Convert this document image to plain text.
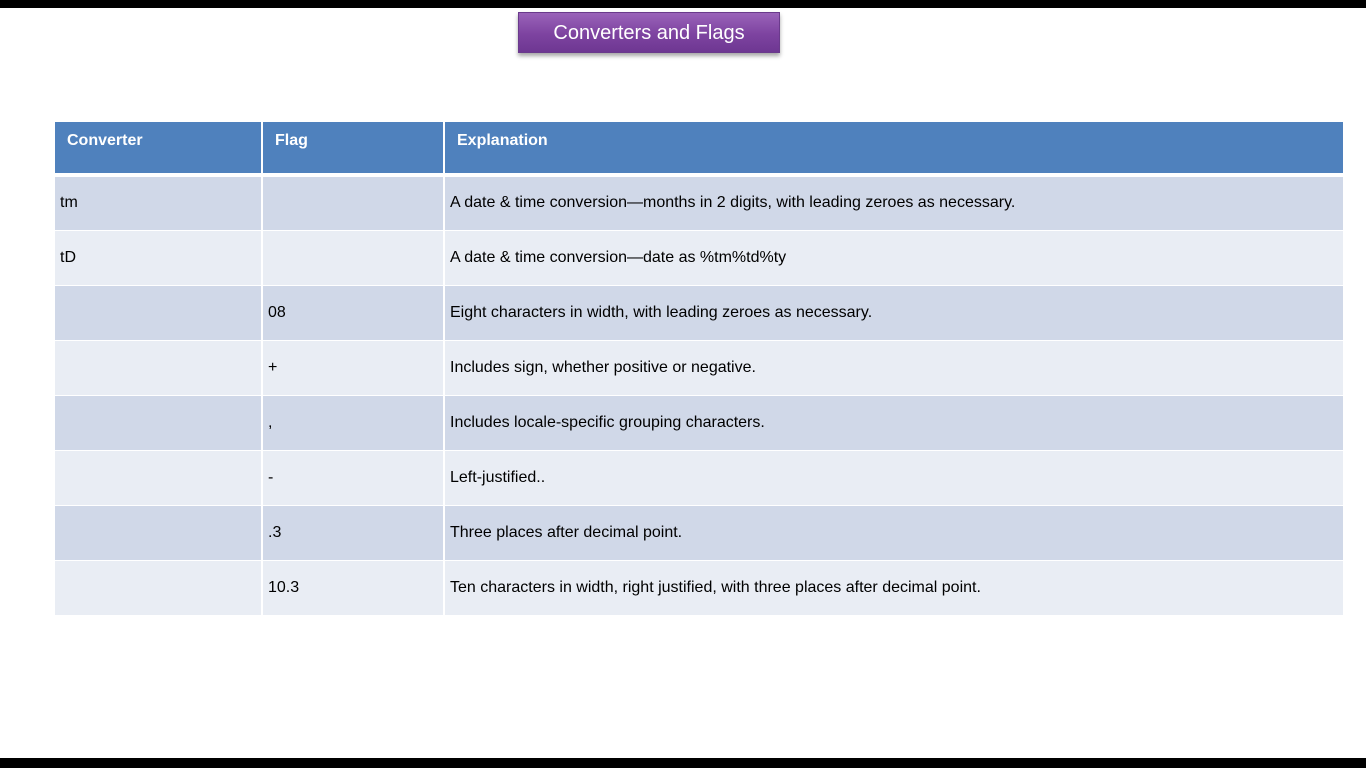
Converters and Flags
Converter	Flag	Explanation
tm		A date & time conversion—months in 2 digits, with leading zeroes as necessary.
tD		A date & time conversion—date as %tm%td%ty
	08	Eight characters in width, with leading zeroes as necessary.
	+	Includes sign, whether positive or negative.
	,	Includes locale-specific grouping characters.
	-	Left-justified..
	.3	Three places after decimal point.
	10.3	Ten characters in width, right justified, with three places after decimal point.
